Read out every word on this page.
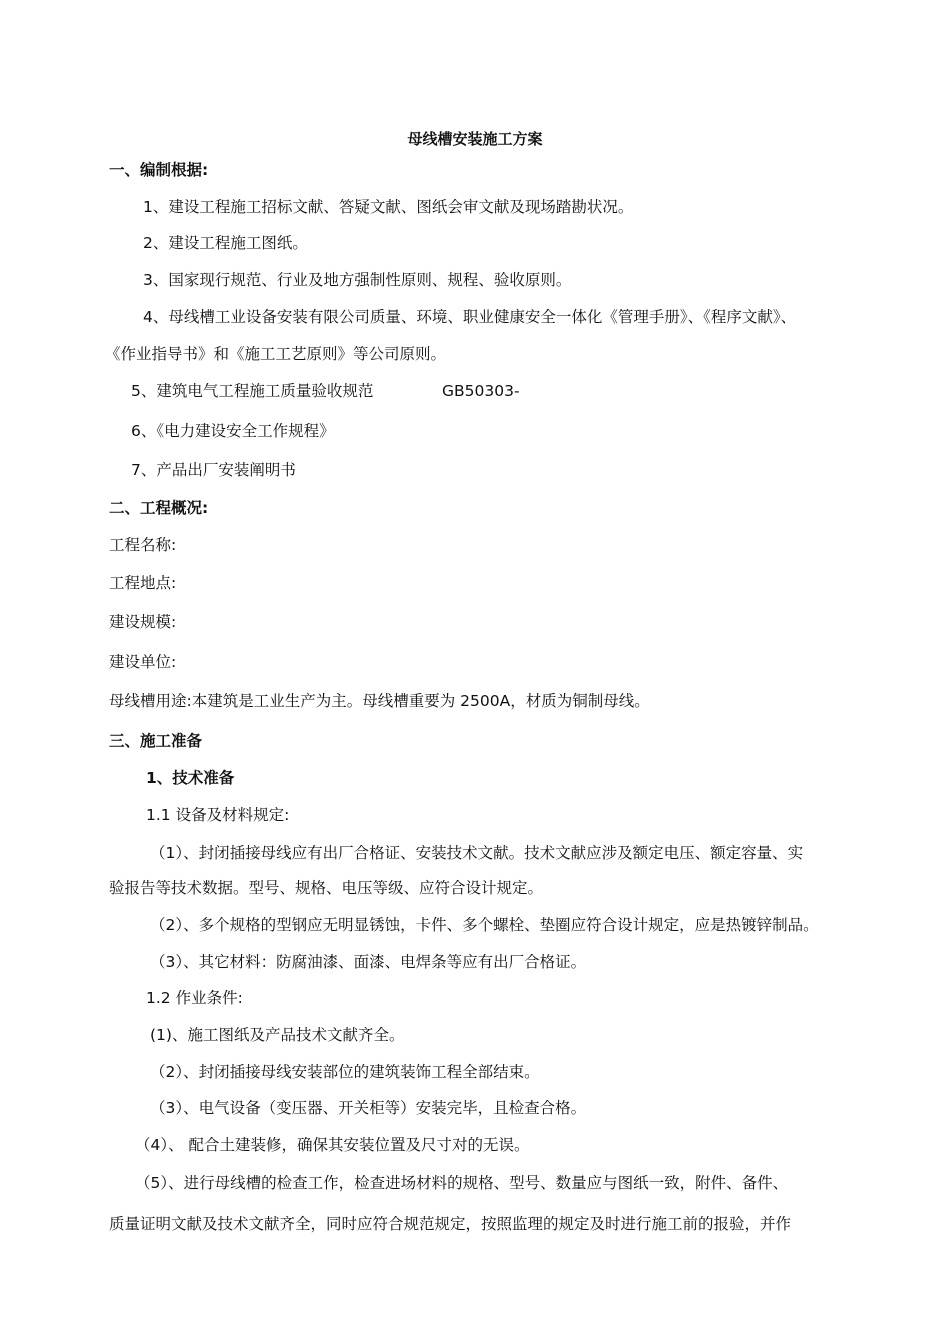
母线槽安装施工方案
一、编制根据:
1、建设工程施工招标文献、答疑文献、图纸会审文献及现场踏勘状况。
2、建设工程施工图纸。
3、国家现行规范、行业及地方强制性原则、规程、验收原则。
4、母线槽工业设备安装有限公司质量、环境、职业健康安全一体化《管理手册》、《程序文献》、
《作业指导书》和《施工工艺原则》等公司原则。
5、建筑电气工程施工质量验收规范	GB50303-
6、《电力建设安全工作规程》
7、产品出厂安装阐明书
二、工程概况:
工程名称:
工程地点:
建设规模:
建设单位:
母线槽用途:本建筑是工业生产为主。母线槽重要为 2500A，材质为铜制母线。
三、施工准备
1、技术准备
1.1 设备及材料规定:
（1）、封闭插接母线应有出厂合格证、安装技术文献。技术文献应涉及额定电压、额定容量、实
验报告等技术数据。型号、规格、电压等级、应符合设计规定。
（2）、多个规格的型钢应无明显锈蚀，卡件、多个螺栓、垫圈应符合设计规定，应是热镀锌制品。
（3）、其它材料：防腐油漆、面漆、电焊条等应有出厂合格证。
1.2 作业条件:
(1)、施工图纸及产品技术文献齐全。
（2）、封闭插接母线安装部位的建筑装饰工程全部结束。
（3）、电气设备（变压器、开关柜等）安装完毕，且检查合格。
（4）、 配合土建装修，确保其安装位置及尺寸对的无误。
（5）、进行母线槽的检查工作，检查进场材料的规格、型号、数量应与图纸一致，附件、备件、
质量证明文献及技术文献齐全，同时应符合规范规定，按照监理的规定及时进行施工前的报验，并作
